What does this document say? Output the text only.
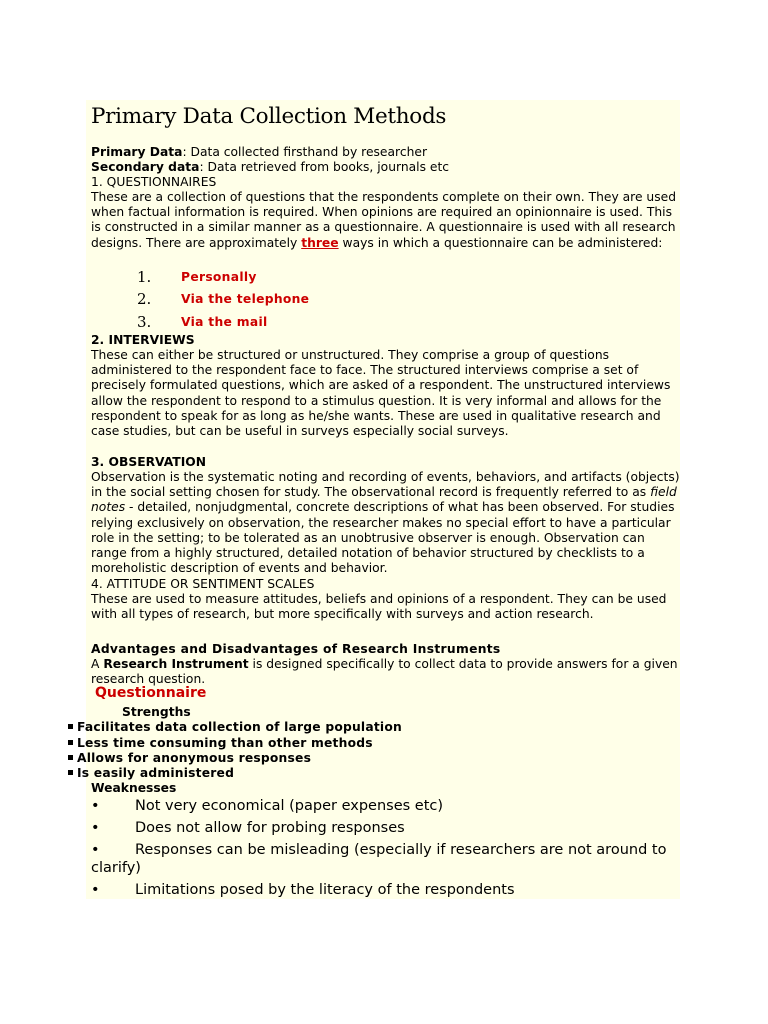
Primary Data Collection Methods
Primary Data: Data collected firsthand by researcher
Secondary data: Data retrieved from books, journals etc
1. QUESTIONNAIRES
These are a collection of questions that the respondents complete on their own. They are used when factual information is required. When opinions are required an opinionnaire is used. This is constructed in a similar manner as a questionnaire. A questionnaire is used with all research designs. There are approximately three ways in which a questionnaire can be administered:
1. Personally
2. Via the telephone
3. Via the mail
2. INTERVIEWS
These can either be structured or unstructured. They comprise a group of questions administered to the respondent face to face. The structured interviews comprise a set of precisely formulated questions, which are asked of a respondent. The unstructured interviews allow the respondent to respond to a stimulus question. It is very informal and allows for the respondent to speak for as long as he/she wants. These are used in qualitative research and case studies, but can be useful in surveys especially social surveys.
3. OBSERVATION
Observation is the systematic noting and recording of events, behaviors, and artifacts (objects) in the social setting chosen for study. The observational record is frequently referred to as field notes - detailed, nonjudgmental, concrete descriptions of what has been observed. For studies relying exclusively on observation, the researcher makes no special effort to have a particular role in the setting; to be tolerated as an unobtrusive observer is enough. Observation can range from a highly structured, detailed notation of behavior structured by checklists to a moreholistic description of events and behavior.
4. ATTITUDE OR SENTIMENT SCALES
These are used to measure attitudes, beliefs and opinions of a respondent. They can be used with all types of research, but more specifically with surveys and action research.
Advantages and Disadvantages of Research Instruments
A Research Instrument is designed specifically to collect data to provide answers for a given research question.
Questionnaire
Strengths
Facilitates data collection of large population
Less time consuming than other methods
Allows for anonymous responses
Is easily administered
Weaknesses
•	Not very economical (paper expenses etc)
•	Does not allow for probing responses
•	Responses can be misleading (especially if researchers are not around to clarify)
•	Limitations posed by the literacy of the respondents
